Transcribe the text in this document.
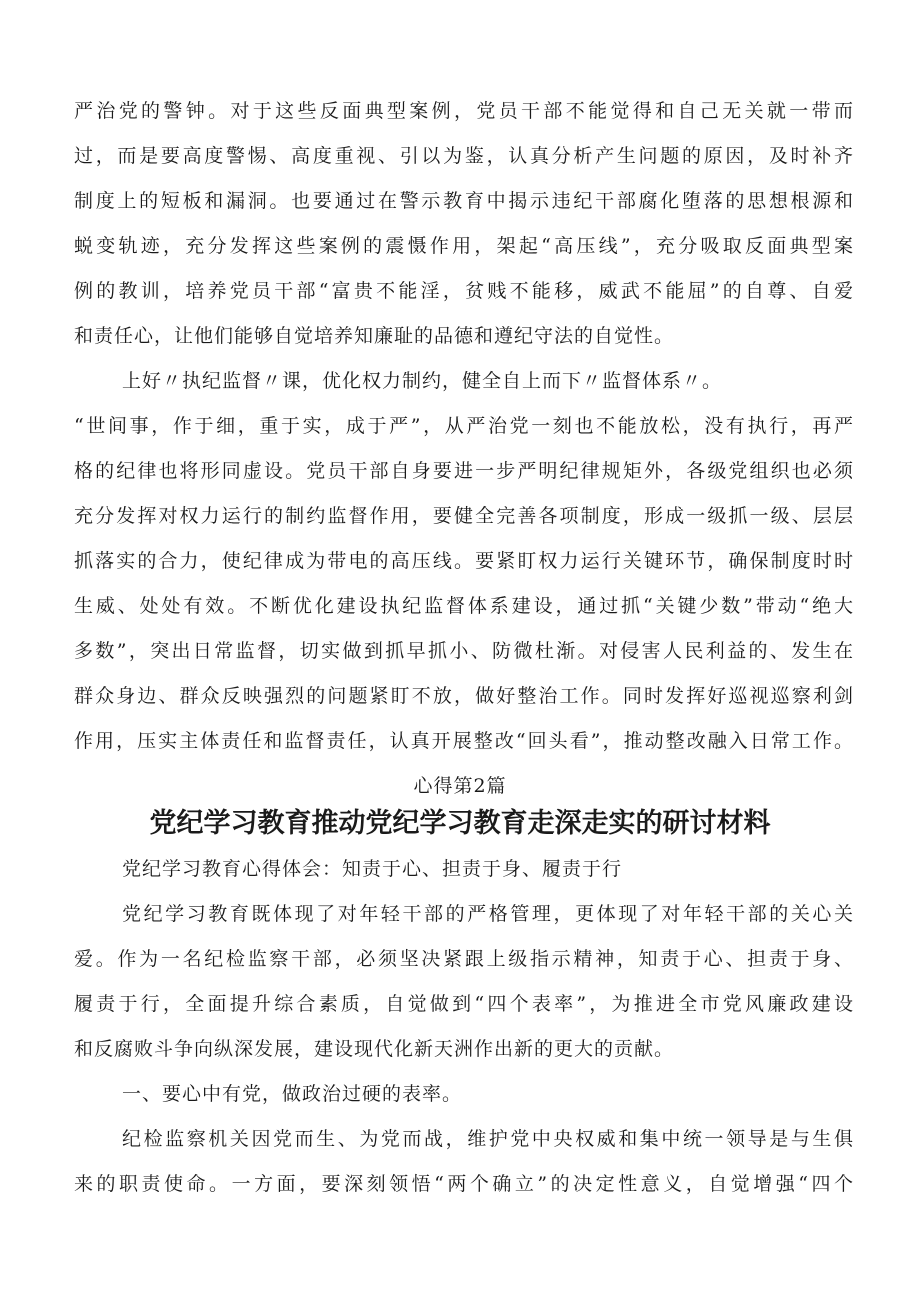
严治党的警钟。对于这些反面典型案例，党员干部不能觉得和自己无关就一带而
过，而是要高度警惕、高度重视、引以为鉴，认真分析产生问题的原因，及时补齐
制度上的短板和漏洞。也要通过在警示教育中揭示违纪干部腐化堕落的思想根源和
蜕变轨迹，充分发挥这些案例的震慑作用，架起“高压线”，充分吸取反面典型案
例的教训，培养党员干部“富贵不能淫，贫贱不能移，威武不能屈”的自尊、自爱
和责任心，让他们能够自觉培养知廉耻的品德和遵纪守法的自觉性。
上好〃执纪监督〃课，优化权力制约，健全自上而下〃监督体系〃。
“世间事，作于细，重于实，成于严”，从严治党一刻也不能放松，没有执行，再严
格的纪律也将形同虚设。党员干部自身要进一步严明纪律规矩外，各级党组织也必须
充分发挥对权力运行的制约监督作用，要健全完善各项制度，形成一级抓一级、层层
抓落实的合力，使纪律成为带电的高压线。要紧盯权力运行关键环节，确保制度时时
生威、处处有效。不断优化建设执纪监督体系建设，通过抓“关键少数”带动“绝大
多数”，突出日常监督，切实做到抓早抓小、防微杜渐。对侵害人民利益的、发生在
群众身边、群众反映强烈的问题紧盯不放，做好整治工作。同时发挥好巡视巡察利剑
作用，压实主体责任和监督责任，认真开展整改“回头看”，推动整改融入日常工作。
心得第2篇
党纪学习教育推动党纪学习教育走深走实的研讨材料
党纪学习教育心得体会：知责于心、担责于身、履责于行
党纪学习教育既体现了对年轻干部的严格管理，更体现了对年轻干部的关心关
爱。作为一名纪检监察干部，必须坚决紧跟上级指示精神，知责于心、担责于身、
履责于行，全面提升综合素质，自觉做到“四个表率”，为推进全市党风廉政建设
和反腐败斗争向纵深发展，建设现代化新天洲作出新的更大的贡献。
一、要心中有党，做政治过硬的表率。
纪检监察机关因党而生、为党而战，维护党中央权威和集中统一领导是与生俱
来的职责使命。一方面，要深刻领悟“两个确立”的决定性意义，自觉增强“四个
